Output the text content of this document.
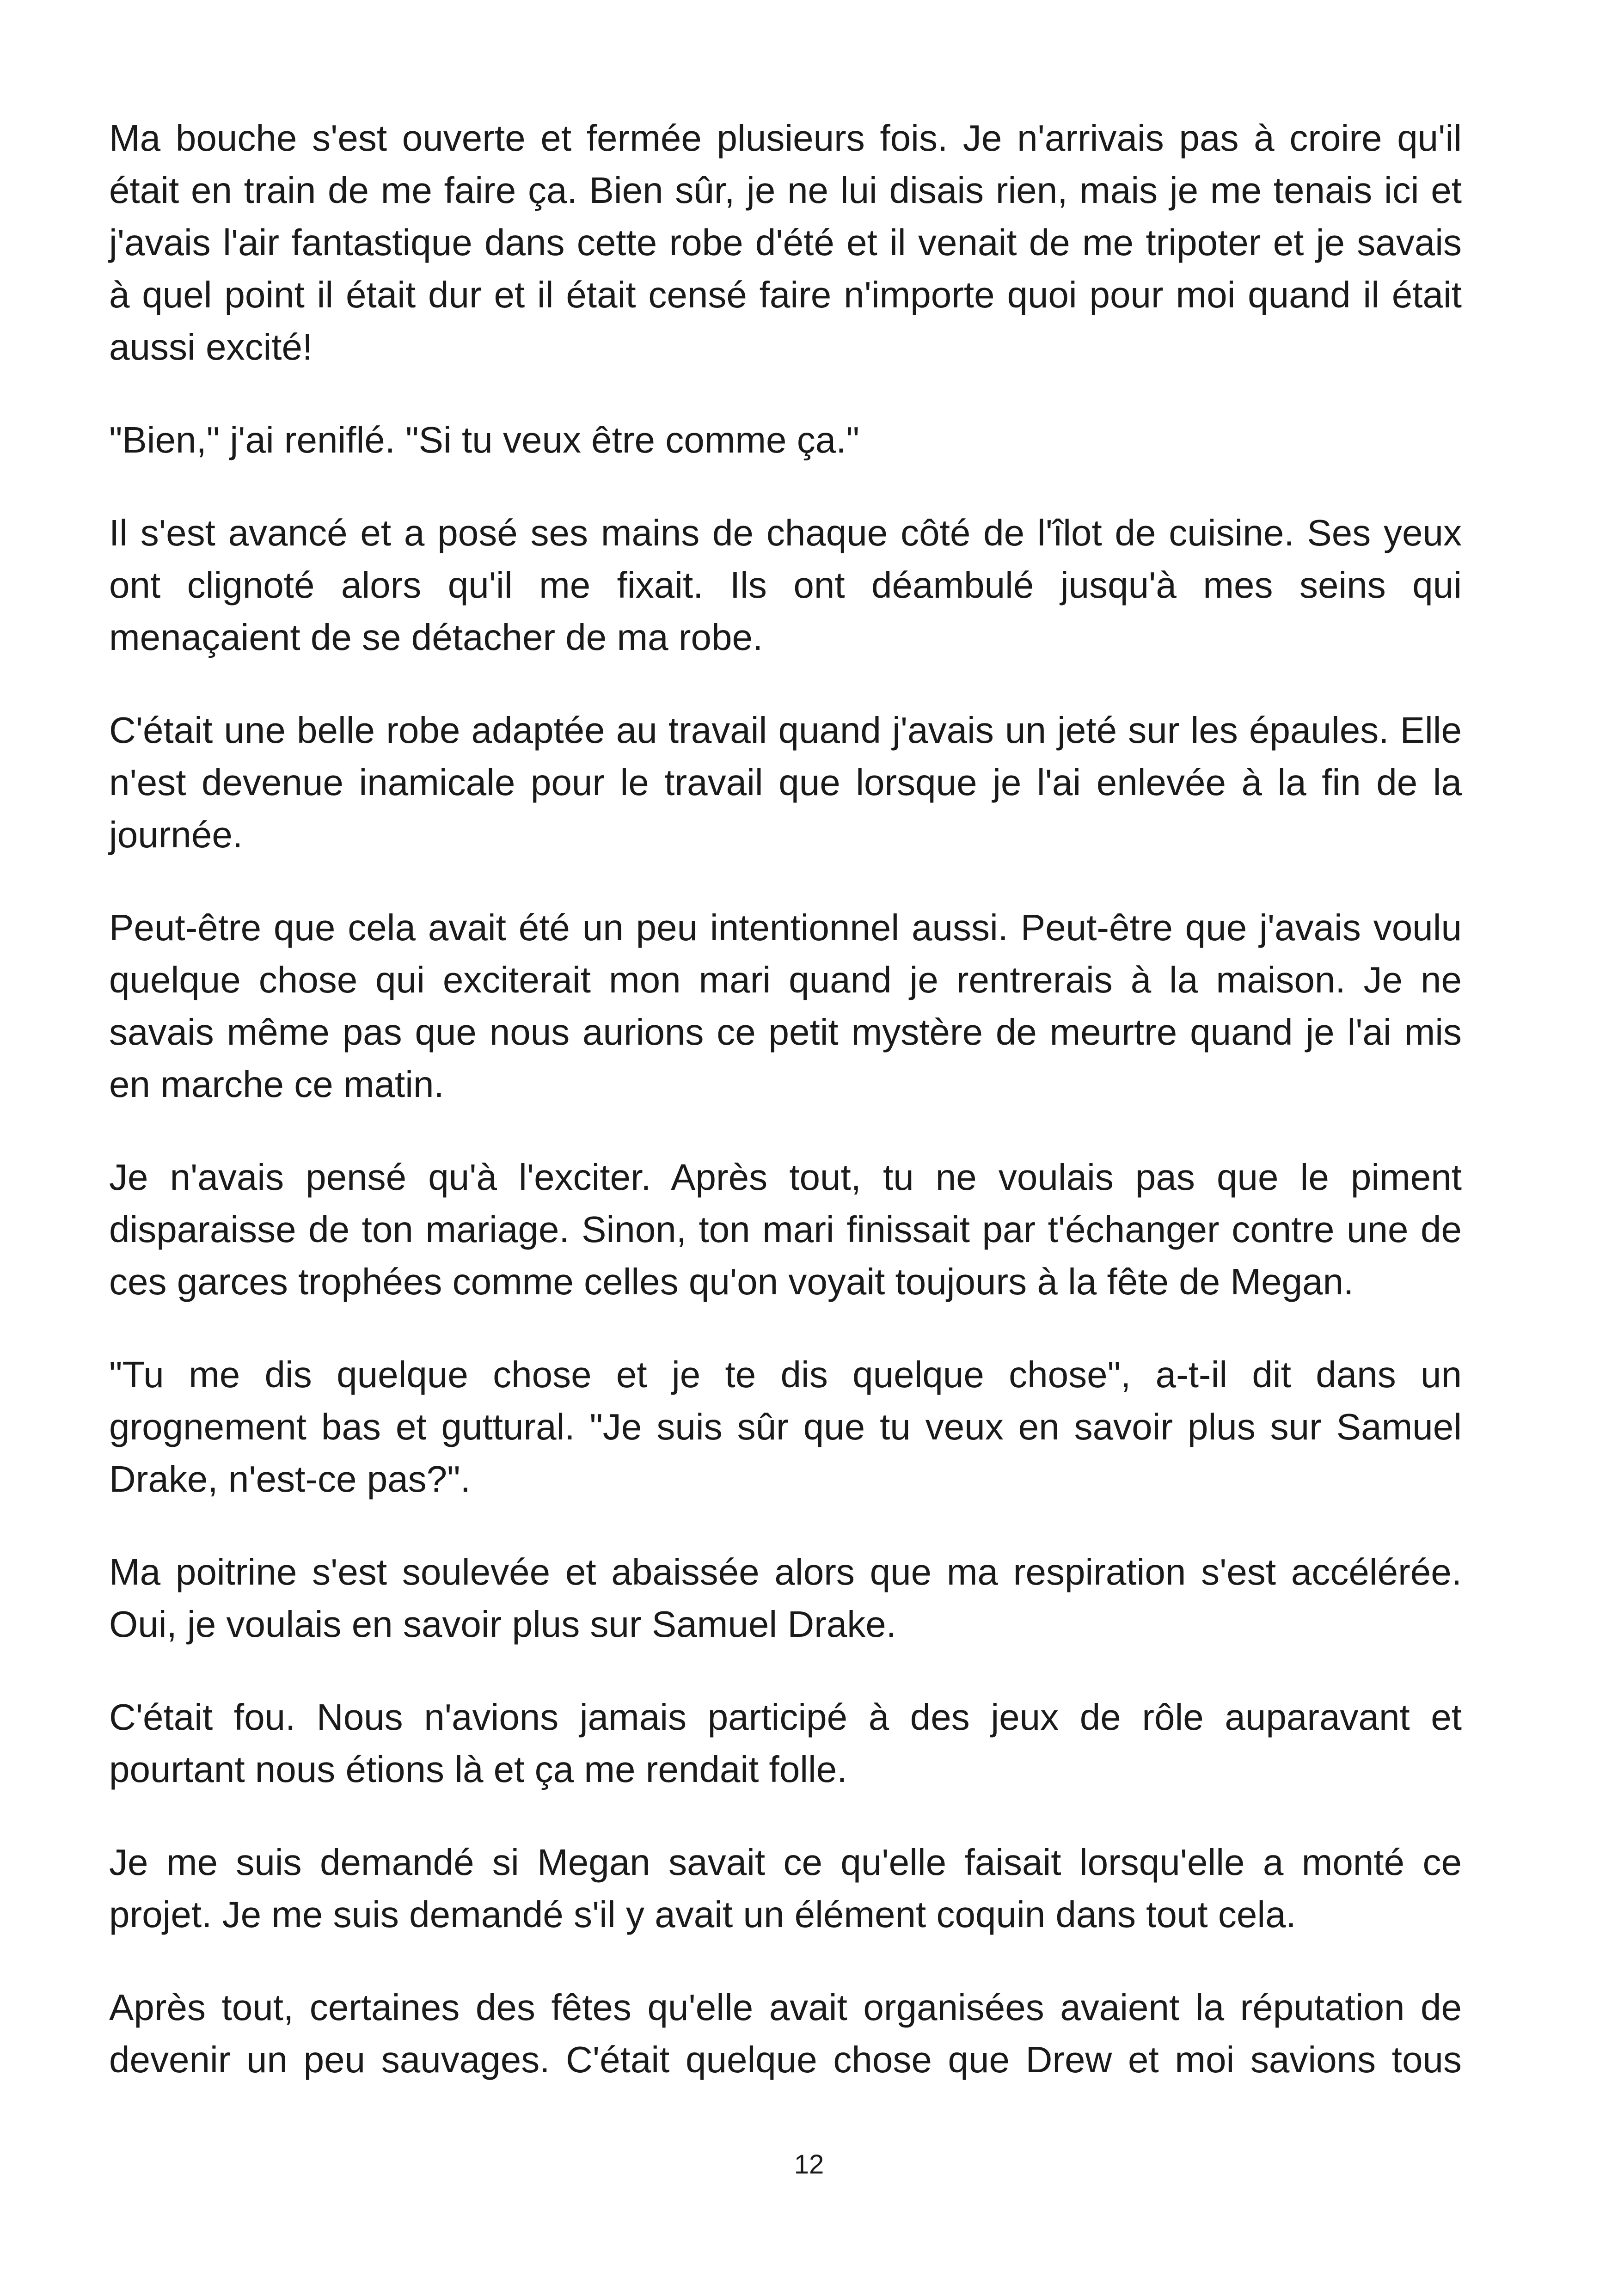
Ma bouche s'est ouverte et fermée plusieurs fois. Je n'arrivais pas à croire qu'il était en train de me faire ça. Bien sûr, je ne lui disais rien, mais je me tenais ici et j'avais l'air fantastique dans cette robe d'été et il venait de me tripoter et je savais à quel point il était dur et il était censé faire n'importe quoi pour moi quand il était aussi excité!

"Bien," j'ai reniflé. "Si tu veux être comme ça."

Il s'est avancé et a posé ses mains de chaque côté de l'îlot de cuisine. Ses yeux ont clignoté alors qu'il me fixait. Ils ont déambulé jusqu'à mes seins qui menaçaient de se détacher de ma robe.

C'était une belle robe adaptée au travail quand j'avais un jeté sur les épaules. Elle n'est devenue inamicale pour le travail que lorsque je l'ai enlevée à la fin de la journée.

Peut-être que cela avait été un peu intentionnel aussi. Peut-être que j'avais voulu quelque chose qui exciterait mon mari quand je rentrerais à la maison. Je ne savais même pas que nous aurions ce petit mystère de meurtre quand je l'ai mis en marche ce matin.

Je n'avais pensé qu'à l'exciter. Après tout, tu ne voulais pas que le piment disparaisse de ton mariage. Sinon, ton mari finissait par t'échanger contre une de ces garces trophées comme celles qu'on voyait toujours à la fête de Megan.

"Tu me dis quelque chose et je te dis quelque chose", a-t-il dit dans un grognement bas et guttural. "Je suis sûr que tu veux en savoir plus sur Samuel Drake, n'est-ce pas?".

Ma poitrine s'est soulevée et abaissée alors que ma respiration s'est accélérée. Oui, je voulais en savoir plus sur Samuel Drake.

C'était fou. Nous n'avions jamais participé à des jeux de rôle auparavant et pourtant nous étions là et ça me rendait folle.

Je me suis demandé si Megan savait ce qu'elle faisait lorsqu'elle a monté ce projet. Je me suis demandé s'il y avait un élément coquin dans tout cela.

Après tout, certaines des fêtes qu'elle avait organisées avaient la réputation de devenir un peu sauvages. C'était quelque chose que Drew et moi savions tous

12
